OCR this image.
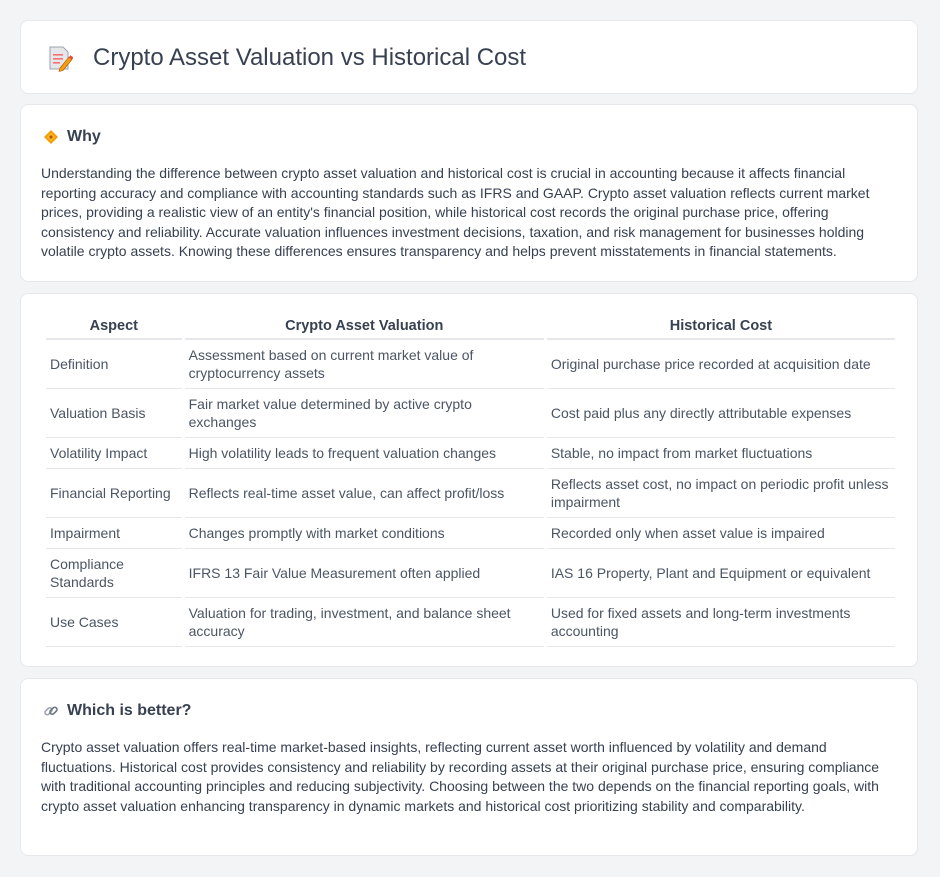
Crypto Asset Valuation vs Historical Cost
Why

Understanding the difference between crypto asset valuation and historical cost is crucial in accounting because it affects financial reporting accuracy and compliance with accounting standards such as IFRS and GAAP. Crypto asset valuation reflects current market prices, providing a realistic view of an entity's financial position, while historical cost records the original purchase price, offering consistency and reliability. Accurate valuation influences investment decisions, taxation, and risk management for businesses holding volatile crypto assets. Knowing these differences ensures transparency and helps prevent misstatements in financial statements.

Aspect	Crypto Asset Valuation	Historical Cost
Definition	Assessment based on current market value of cryptocurrency assets	Original purchase price recorded at acquisition date
Valuation Basis	Fair market value determined by active crypto exchanges	Cost paid plus any directly attributable expenses
Volatility Impact	High volatility leads to frequent valuation changes	Stable, no impact from market fluctuations
Financial Reporting	Reflects real-time asset value, can affect profit/loss	Reflects asset cost, no impact on periodic profit unless impairment
Impairment	Changes promptly with market conditions	Recorded only when asset value is impaired
Compliance Standards	IFRS 13 Fair Value Measurement often applied	IAS 16 Property, Plant and Equipment or equivalent
Use Cases	Valuation for trading, investment, and balance sheet accuracy	Used for fixed assets and long-term investments accounting
Which is better?

Crypto asset valuation offers real-time market-based insights, reflecting current asset worth influenced by volatility and demand fluctuations. Historical cost provides consistency and reliability by recording assets at their original purchase price, ensuring compliance with traditional accounting principles and reducing subjectivity. Choosing between the two depends on the financial reporting goals, with crypto asset valuation enhancing transparency in dynamic markets and historical cost prioritizing stability and comparability.
